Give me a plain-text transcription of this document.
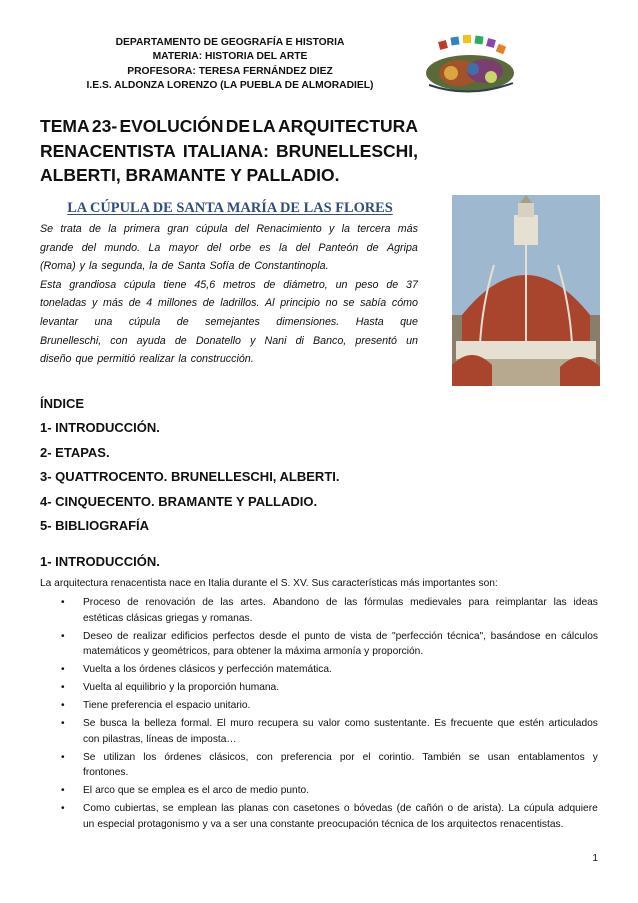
DEPARTAMENTO DE GEOGRAFÍA E HISTORIA
MATERIA: HISTORIA DEL ARTE
PROFESORA: TERESA FERNÁNDEZ DIEZ
I.E.S. ALDONZA LORENZO (LA PUEBLA DE ALMORADIEL)
TEMA 23- EVOLUCIÓN DE LA ARQUITECTURA
RENACENTISTA ITALIANA: BRUNELLESCHI,
ALBERTI, BRAMANTE Y PALLADIO.
LA CÚPULA DE SANTA MARÍA DE LAS FLORES
Se trata de la primera gran cúpula del Renacimiento y la tercera más
grande del mundo. La mayor del orbe es la del Panteón de Agripa
(Roma) y la segunda, la de Santa Sofía de Constantinopla.
Esta grandiosa cúpula tiene 45,6 metros de diámetro, un peso de 37
toneladas y más de 4 millones de ladrillos. Al principio no se sabía cómo
levantar una cúpula de semejantes dimensiones. Hasta que
Brunelleschi, con ayuda de Donatello y Nani di Banco, presentó un
diseño que permitió realizar la construcción.
ÍNDICE
1- INTRODUCCIÓN.
2- ETAPAS.
3- QUATTROCENTO. BRUNELLESCHI, ALBERTI.
4- CINQUECENTO. BRAMANTE Y PALLADIO.
5- BIBLIOGRAFÍA
1- INTRODUCCIÓN.
La arquitectura renacentista nace en Italia durante el S. XV. Sus características más importantes son:
• Proceso de renovación de las artes. Abandono de las fórmulas medievales para reimplantar las ideas
estéticas clásicas griegas y romanas.
• Deseo de realizar edificios perfectos desde el punto de vista de "perfección técnica", basándose en cálculos
matemáticos y geométricos, para obtener la máxima armonía y proporción.
• Vuelta a los órdenes clásicos y perfección matemática.
• Vuelta al equilibrio y la proporción humana.
• Tiene preferencia el espacio unitario.
• Se busca la belleza formal. El muro recupera su valor como sustentante. Es frecuente que estén articulados
con pilastras, líneas de imposta…
• Se utilizan los órdenes clásicos, con preferencia por el corintio. También se usan entablamentos y
frontones.
• El arco que se emplea es el arco de medio punto.
• Como cubiertas, se emplean las planas con casetones o bóvedas (de cañón o de arista). La cúpula adquiere
un especial protagonismo y va a ser una constante preocupación técnica de los arquitectos renacentistas.
1
